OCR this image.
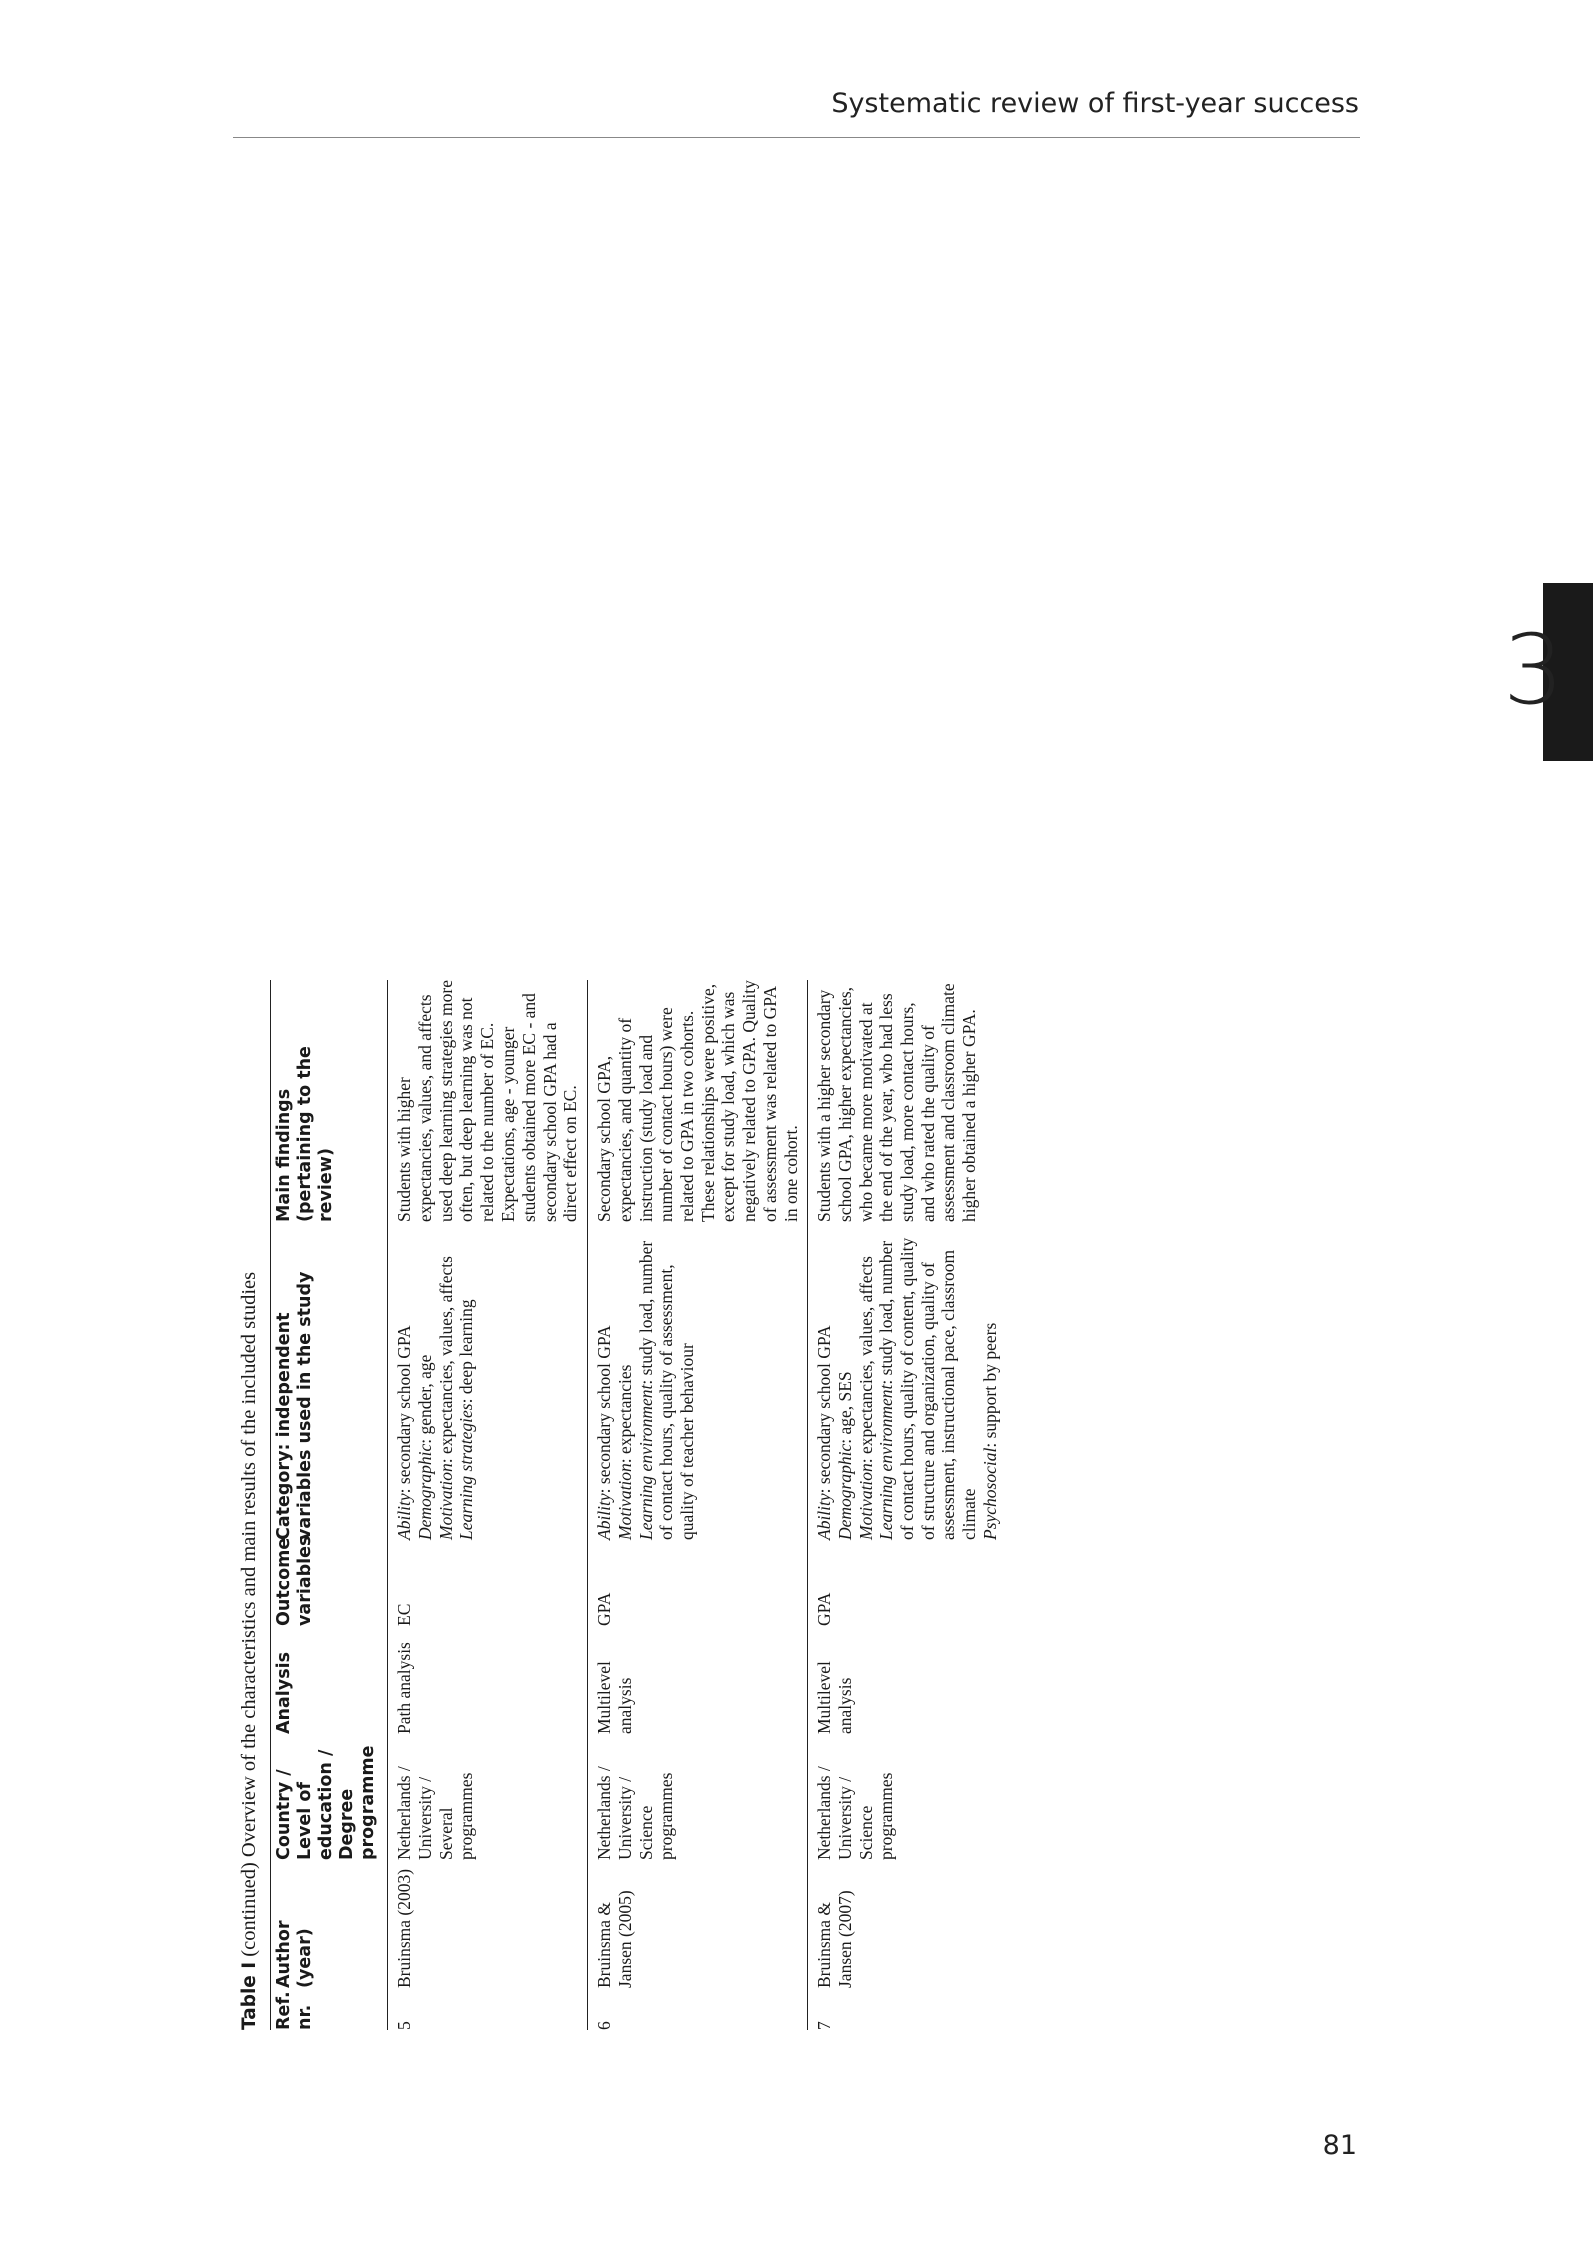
Systematic review of first-year success
3
81
Table I (continued) Overview of the characteristics and main results of the included studies
Ref. nr.
Author (year)
Country / Level of education / Degree programme
Analysis
Outcome variables
Category: independent variables used in the study
Main findings (pertaining to the review)
5
Bruinsma (2003)
Netherlands / University / Several programmes
Path analysis
EC
Ability: secondary school GPA Demographic: gender, age
Motivation: expectancies, values, affects
Learning strategies: deep learning
Students with higher expectancies, values, and affects used deep learning strategies more often, but deep learning was not related to the number of EC. Expectations, age - younger students obtained more EC - and secondary school GPA had a direct effect on EC.
6
Bruinsma & Jansen (2005)
Netherlands / University / Science programmes
Multilevel analysis
GPA
Ability: secondary school GPA
Motivation: expectancies Learning environment: study load, number of contact hours, quality of assessment, quality of teacher behaviour
Secondary school GPA, expectancies, and quantity of instruction (study load and number of contact hours) were related to GPA in two cohorts. These relationships were positive, except for study load, which was negatively related to GPA. Quality of assessment was related to GPA in one cohort.
7
Bruinsma & Jansen (2007)
Netherlands / University / Science programmes
Multilevel analysis
GPA
Ability: secondary school GPA Demographic: age, SES
Motivation: expectancies, values, affects Learning environment: study load, number of contact hours, quality of content, quality of structure and organization, quality of assessment, instructional pace, classroom climate Psychosocial: support by peers
Students with a higher secondary school GPA, higher expectancies, who became more motivated at the end of the year, who had less study load, more contact hours, and who rated the quality of assessment and classroom climate higher obtained a higher GPA.
